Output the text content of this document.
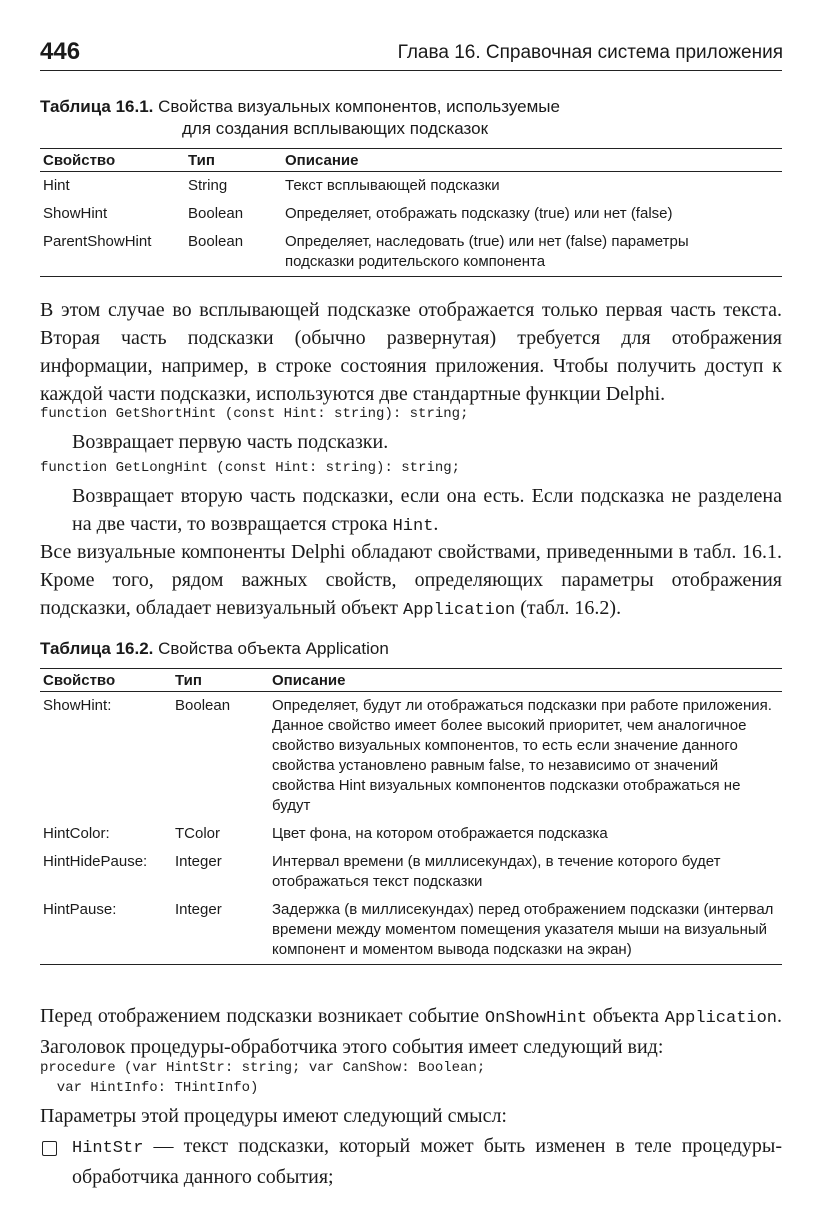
446	Глава 16. Справочная система приложения
Таблица 16.1. Свойства визуальных компонентов, используемые
для создания всплывающих подсказок
Свойство	Тип	Описание
Hint	String	Текст всплывающей подсказки
ShowHint	Boolean	Определяет, отображать подсказку (true) или нет (false)
ParentShowHint	Boolean	Определяет, наследовать (true) или нет (false) параметры подсказки родительского компонента
В этом случае во всплывающей подсказке отображается только первая часть текста. Вторая часть подсказки (обычно развернутая) требуется для отображения информации, например, в строке состояния приложения. Чтобы получить доступ к каждой части подсказки, используются две стандартные функции Delphi.
function GetShortHint (const Hint: string): string;
Возвращает первую часть подсказки.
function GetLongHint (const Hint: string): string;
Возвращает вторую часть подсказки, если она есть. Если подсказка не разделена на две части, то возвращается строка Hint.
Все визуальные компоненты Delphi обладают свойствами, приведенными в табл. 16.1. Кроме того, рядом важных свойств, определяющих параметры отображения подсказки, обладает невизуальный объект Application (табл. 16.2).
Таблица 16.2. Свойства объекта Application
Свойство	Тип	Описание
ShowHint:	Boolean	Определяет, будут ли отображаться подсказки при работе приложения. Данное свойство имеет более высокий приоритет, чем аналогичное свойство визуальных компонентов, то есть если значение данного свойства установлено равным false, то независимо от значений свойства Hint визуальных компонентов подсказки отображаться не будут
HintColor:	TColor	Цвет фона, на котором отображается подсказка
HintHidePause:	Integer	Интервал времени (в миллисекундах), в течение которого будет отображаться текст подсказки
HintPause:	Integer	Задержка (в миллисекундах) перед отображением подсказки (интервал времени между моментом помещения указателя мыши на визуальный компонент и моментом вывода подсказки на экран)
Перед отображением подсказки возникает событие OnShowHint объекта Application. Заголовок процедуры-обработчика этого события имеет следующий вид:
procedure (var HintStr: string; var CanShow: Boolean;
var HintInfo: THintInfo)
Параметры этой процедуры имеют следующий смысл:
HintStr — текст подсказки, который может быть изменен в теле процедуры-обработчика данного события;
